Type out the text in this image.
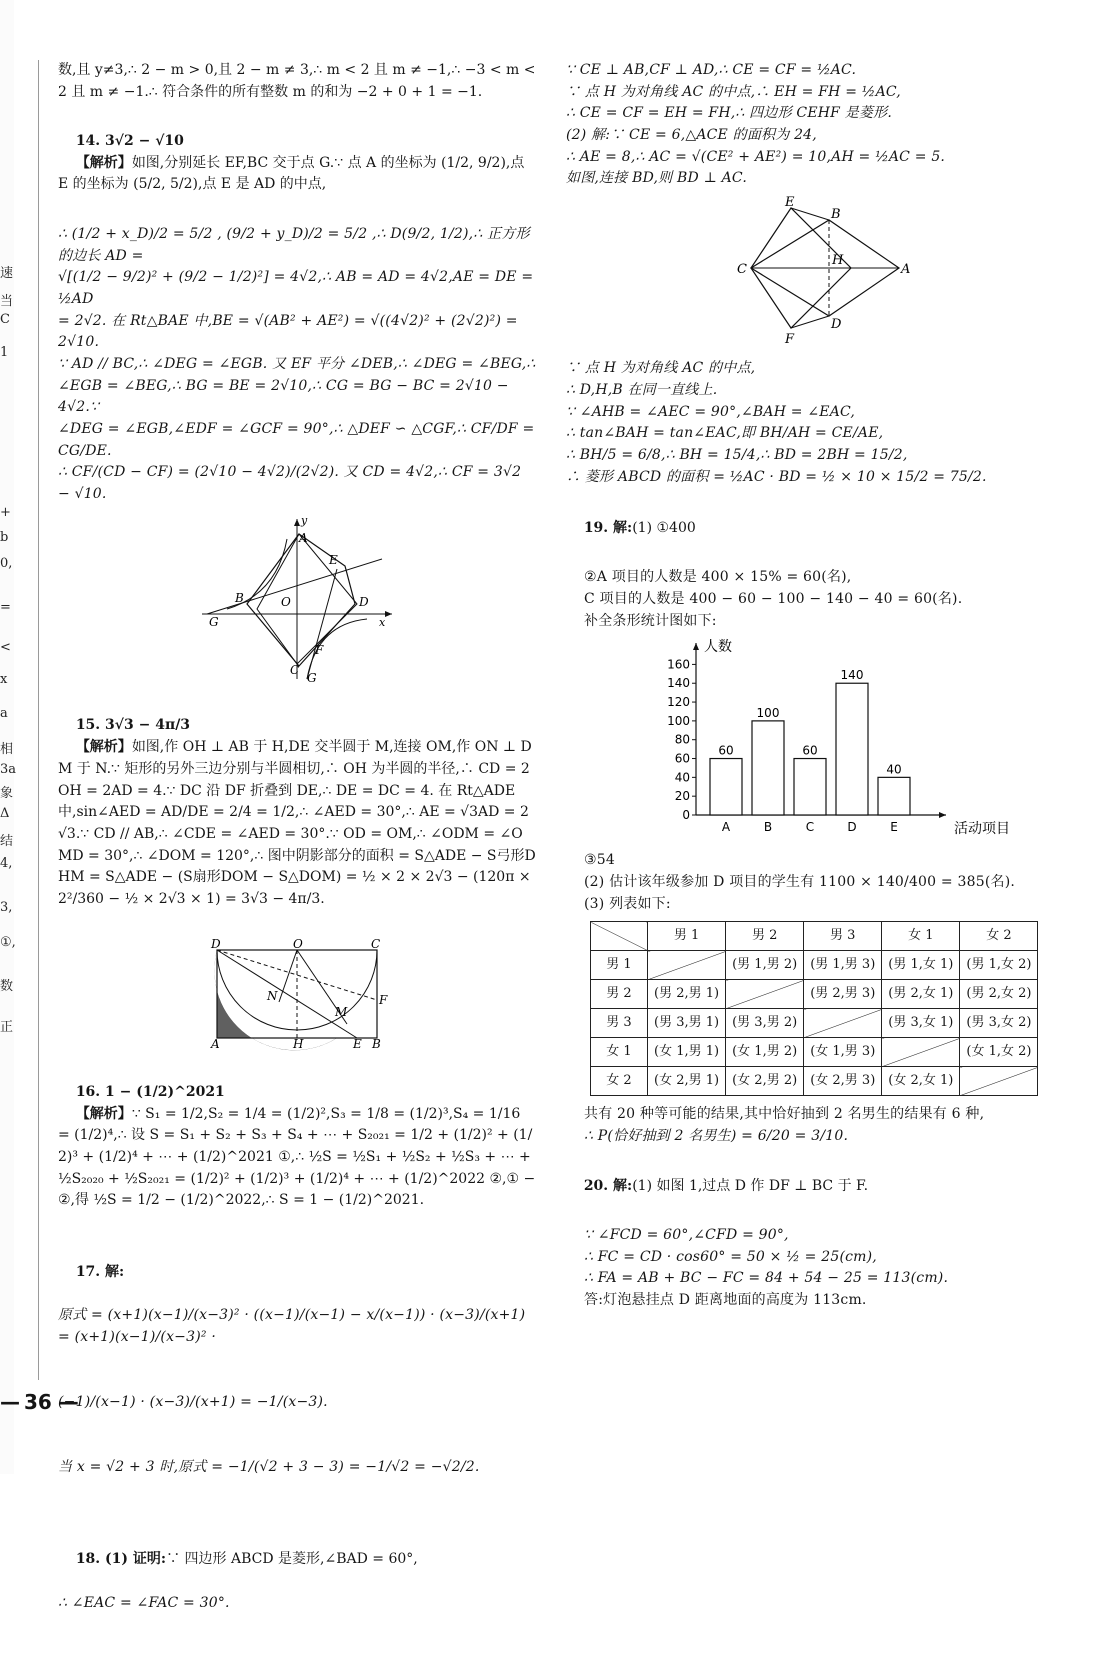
速
当
C
1
+
b
0,
=
<
x
a
相
3a
象
Δ
结
4,
3,
①,
数
正

数,且 y≠3,∴ 2 − m > 0,且 2 − m ≠ 3,∴ m < 2 且 m ≠ −1,∴ −3 < m < 2 且 m ≠ −1.∴ 符合条件的所有整数 m 的和为 −2 + 0 + 1 = −1.

14. 3√2 − √10
【解析】如图,分别延长 EF,BC 交于点 G.∵ 点 A 的坐标为 (1/2, 9/2),点 E 的坐标为 (5/2, 5/2),点 E 是 AD 的中点,

∴ (1/2 + x_D)/2 = 5/2 , (9/2 + y_D)/2 = 5/2 ,∴ D(9/2, 1/2),∴ 正方形的边长 AD =
√[(1/2 − 9/2)² + (9/2 − 1/2)²] = 4√2,∴ AB = AD = 4√2,AE = DE = ½AD
= 2√2. 在 Rt△BAE 中,BE = √(AB² + AE²) = √((4√2)² + (2√2)²) = 2√10.
∵ AD // BC,∴ ∠DEG = ∠EGB. 又 EF 平分 ∠DEB,∴ ∠DEG = ∠BEG,∴
∠EGB = ∠BEG,∴ BG = BE = 2√10,∴ CG = BG − BC = 2√10 − 4√2.∵
∠DEG = ∠EGB,∠EDF = ∠GCF = 90°,∴ △DEF ∽ △CGF,∴ CF/DF = CG/DE.
∴ CF/(CD − CF) = (2√10 − 4√2)/(2√2). 又 CD = 4√2,∴ CF = 3√2 − √10.
A
B
C
D
E
F
G
G
O
x
y

15. 3√3 − 4π/3
【解析】如图,作 OH ⊥ AB 于 H,DE 交半圆于 M,连接 OM,作 ON ⊥ DM 于 N.∵ 矩形的另外三边分别与半圆相切,∴ OH 为半圆的半径,∴ CD = 2OH = 2AD = 4.∵ DC 沿 DF 折叠到 DE,∴ DE = DC = 4. 在 Rt△ADE 中,sin∠AED = AD/DE = 2/4 = 1/2,∴ ∠AED = 30°,∴ AE = √3AD = 2√3.∵ CD // AB,∴ ∠CDE = ∠AED = 30°.∵ OD = OM,∴ ∠ODM = ∠OMD = 30°,∴ ∠DOM = 120°,∴ 图中阴影部分的面积 = S△ADE − S弓形DHM = S△ADE − (S扇形DOM − S△DOM) = ½ × 2 × 2√3 − (120π × 2²/360 − ½ × 2√3 × 1) = 3√3 − 4π/3.

D	O	C
N
M
F
A	H	E B

16. 1 − (1/2)^2021
【解析】∵ S₁ = 1/2,S₂ = 1/4 = (1/2)²,S₃ = 1/8 = (1/2)³,S₄ = 1/16 = (1/2)⁴,∴ 设 S = S₁ + S₂ + S₃ + S₄ + ⋯ + S₂₀₂₁ = 1/2 + (1/2)² + (1/2)³ + (1/2)⁴ + ⋯ + (1/2)^2021 ①,∴ ½S = ½S₁ + ½S₂ + ½S₃ + ⋯ + ½S₂₀₂₀ + ½S₂₀₂₁ = (1/2)² + (1/2)³ + (1/2)⁴ + ⋯ + (1/2)^2022 ②,① − ②,得 ½S = 1/2 − (1/2)^2022,∴ S = 1 − (1/2)^2021.

17. 解:

原式 = (x+1)(x−1)/(x−3)² · ((x−1)/(x−1) − x/(x−1)) · (x−3)/(x+1) = (x+1)(x−1)/(x−3)² ·

(−1)/(x−1) · (x−3)/(x+1) = −1/(x−3).

当 x = √2 + 3 时,原式 = −1/(√2 + 3 − 3) = −1/√2 = −√2/2.

18. (1) 证明:∵ 四边形 ABCD 是菱形,∠BAD = 60°,

∴ ∠EAC = ∠FAC = 30°.

— 36 —
∵ CE ⊥ AB,CF ⊥ AD,∴ CE = CF = ½AC.
∵ 点 H 为对角线 AC 的中点,∴ EH = FH = ½AC,
∴ CE = CF = EH = FH,∴ 四边形 CEHF 是菱形.
(2) 解:∵ CE = 6,△ACE 的面积为 24,
∴ AE = 8,∴ AC = √(CE² + AE²) = 10,AH = ½AC = 5.
如图,连接 BD,则 BD ⊥ AC.
E
B
C
H
A
D
F
∵ 点 H 为对角线 AC 的中点,
∴ D,H,B 在同一直线上.
∵ ∠AHB = ∠AEC = 90°,∠BAH = ∠EAC,
∴ tan∠BAH = tan∠EAC,即 BH/AH = CE/AE,
∴ BH/5 = 6/8,∴ BH = 15/4,∴ BD = 2BH = 15/2,
∴ 菱形 ABCD 的面积 = ½AC · BD = ½ × 10 × 15/2 = 75/2.

19. 解:(1) ①400

②A 项目的人数是 400 × 15% = 60(名),
C 项目的人数是 400 − 60 − 100 − 140 − 40 = 60(名).
补全条形统计图如下:
0
20
40
60
80
100
120
140
160
人数
活动项目
60
A
100
B
60
C
140
D
40
E
③54
(2) 估计该年级参加 D 项目的学生有 1100 × 140/400 = 385(名).
(3) 列表如下:
	男 1	男 2	男 3	女 1	女 2
男 1		(男 1,男 2)	(男 1,男 3)	(男 1,女 1)	(男 1,女 2)
男 2	(男 2,男 1)		(男 2,男 3)	(男 2,女 1)	(男 2,女 2)
男 3	(男 3,男 1)	(男 3,男 2)		(男 3,女 1)	(男 3,女 2)
女 1	(女 1,男 1)	(女 1,男 2)	(女 1,男 3)		(女 1,女 2)
女 2	(女 2,男 1)	(女 2,男 2)	(女 2,男 3)	(女 2,女 1)	
共有 20 种等可能的结果,其中恰好抽到 2 名男生的结果有 6 种,
∴ P(恰好抽到 2 名男生) = 6/20 = 3/10.

20. 解:(1) 如图 1,过点 D 作 DF ⊥ BC 于 F.

∵ ∠FCD = 60°,∠CFD = 90°,
∴ FC = CD · cos60° = 50 × ½ = 25(cm),
∴ FA = AB + BC − FC = 84 + 54 − 25 = 113(cm).
答:灯泡悬挂点 D 距离地面的高度为 113cm.
